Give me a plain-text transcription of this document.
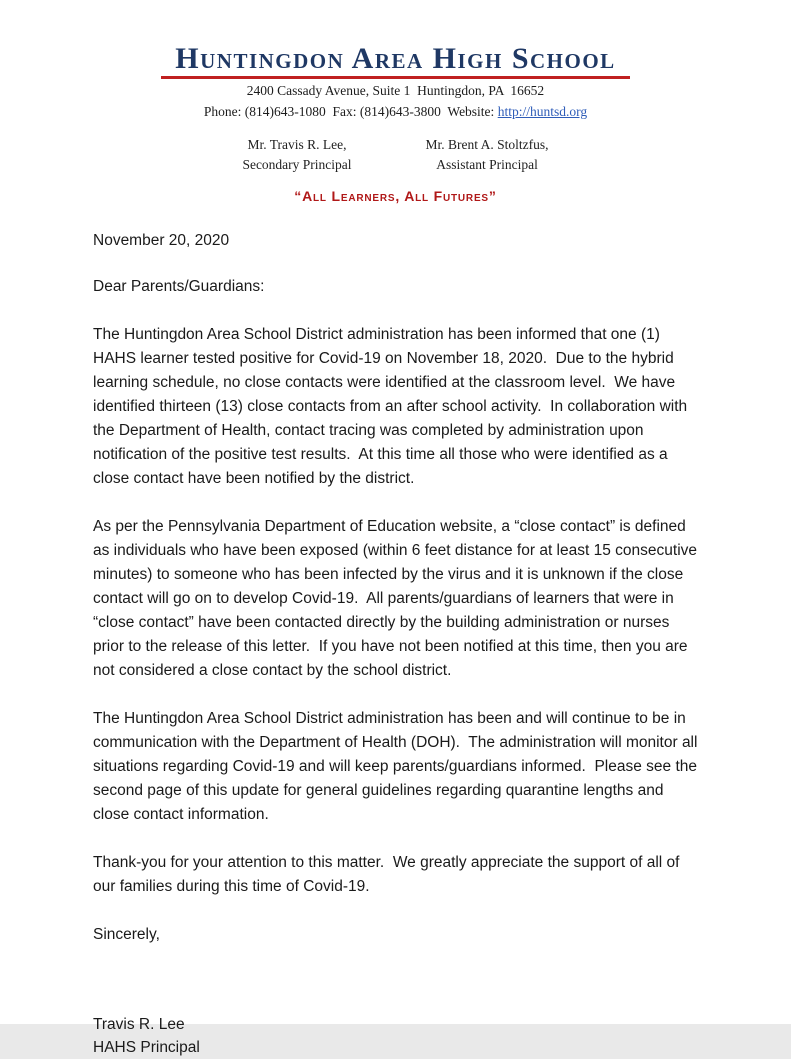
Huntingdon Area High School
2400 Cassady Avenue, Suite 1  Huntingdon, PA  16652
Phone: (814)643-1080  Fax: (814)643-3800  Website: http://huntsd.org
Mr. Travis R. Lee,
Secondary Principal
Mr. Brent A. Stoltzfus,
Assistant Principal
“All Learners, All Futures”
November 20, 2020
Dear Parents/Guardians:

The Huntingdon Area School District administration has been informed that one (1) HAHS learner tested positive for Covid-19 on November 18, 2020.  Due to the hybrid learning schedule, no close contacts were identified at the classroom level.  We have identified thirteen (13) close contacts from an after school activity.  In collaboration with the Department of Health, contact tracing was completed by administration upon notification of the positive test results.  At this time all those who were identified as a close contact have been notified by the district.

As per the Pennsylvania Department of Education website, a “close contact” is defined as individuals who have been exposed (within 6 feet distance for at least 15 consecutive minutes) to someone who has been infected by the virus and it is unknown if the close contact will go on to develop Covid-19.  All parents/guardians of learners that were in “close contact” have been contacted directly by the building administration or nurses prior to the release of this letter.  If you have not been notified at this time, then you are not considered a close contact by the school district.

The Huntingdon Area School District administration has been and will continue to be in communication with the Department of Health (DOH).  The administration will monitor all situations regarding Covid-19 and will keep parents/guardians informed.  Please see the second page of this update for general guidelines regarding quarantine lengths and close contact information.

Thank-you for your attention to this matter.  We greatly appreciate the support of all of our families during this time of Covid-19.

Sincerely,
Travis R. Lee
HAHS Principal
